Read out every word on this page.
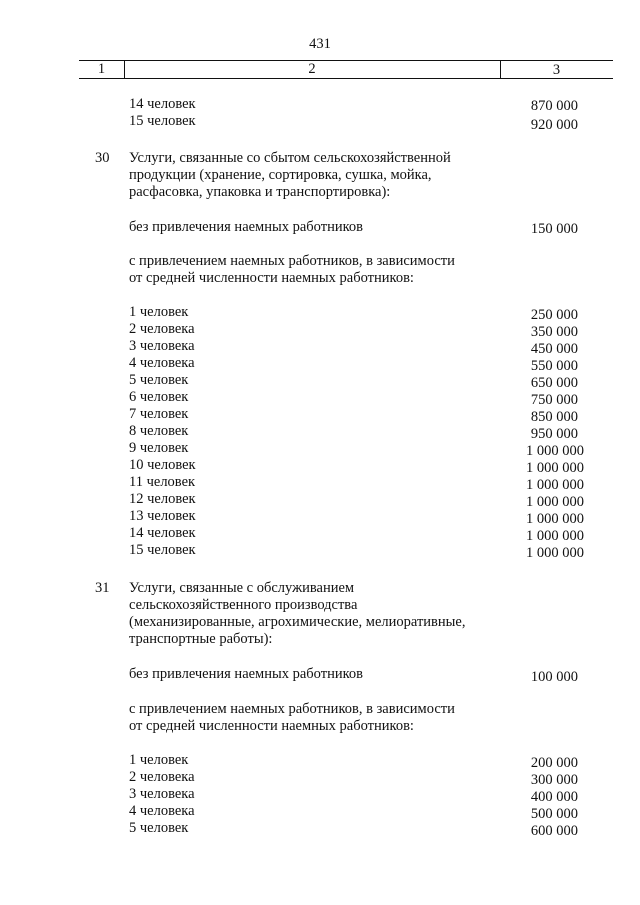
431
1	2	3
14 человек	870 000
15 человек	920 000
30 Услуги, связанные со сбытом сельскохозяйственной
продукции (хранение, сортировка, сушка, мойка,
расфасовка, упаковка и транспортировка):
без привлечения наемных работников	150 000
с привлечением наемных работников, в зависимости
от средней численности наемных работников:
1 человек	250 000
2 человека	350 000
3 человека	450 000
4 человека	550 000
5 человек	650 000
6 человек	750 000
7 человек	850 000
8 человек	950 000
9 человек	1 000 000
10 человек	1 000 000
11 человек	1 000 000
12 человек	1 000 000
13 человек	1 000 000
14 человек	1 000 000
15 человек	1 000 000
31 Услуги, связанные с обслуживанием
сельскохозяйственного производства
(механизированные, агрохимические, мелиоративные,
транспортные работы):
без привлечения наемных работников	100 000
с привлечением наемных работников, в зависимости
от средней численности наемных работников:
1 человек	200 000
2 человека	300 000
3 человека	400 000
4 человека	500 000
5 человек	600 000
